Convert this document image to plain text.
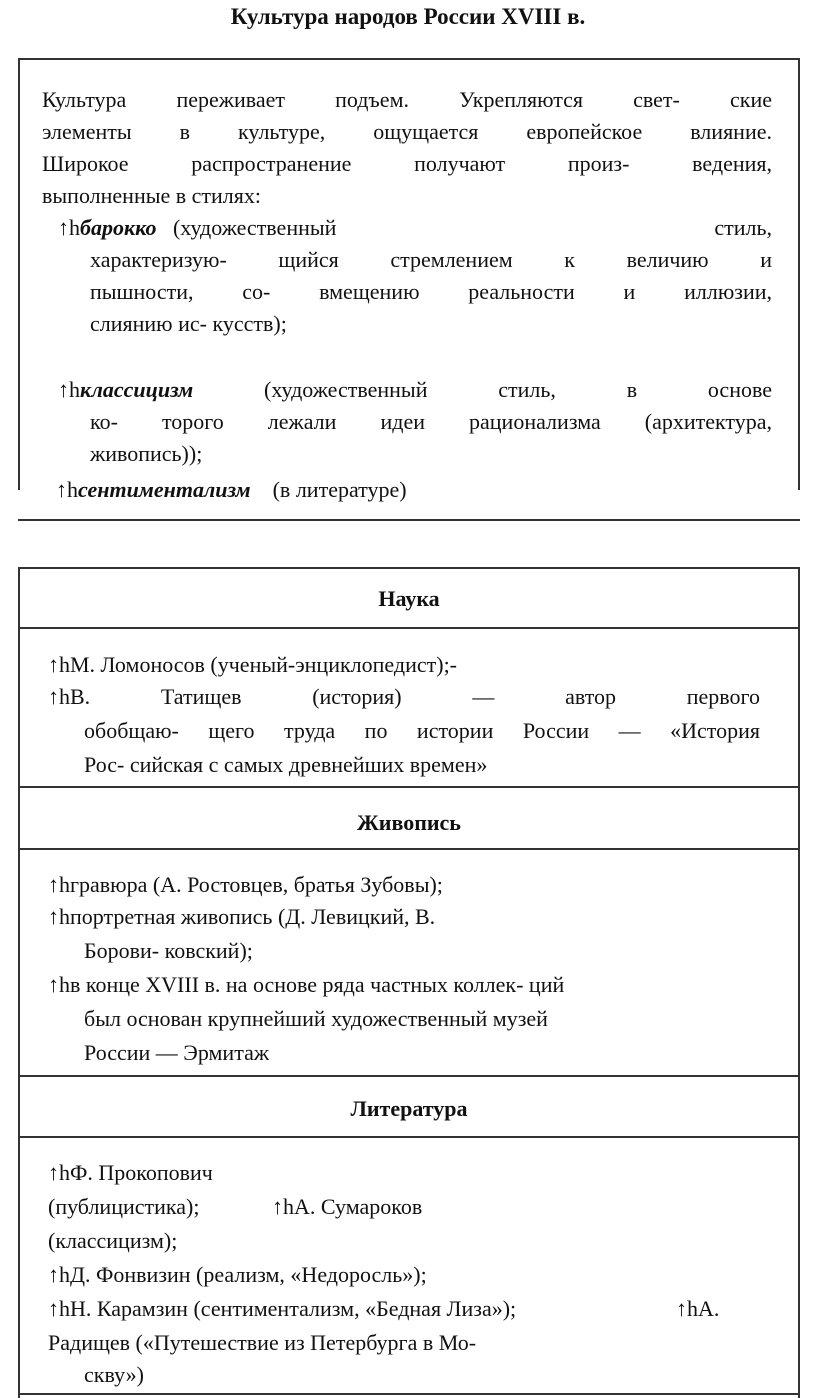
Культура народов России XVIII в.
Культура переживает подъем. Укрепляются свет- ские
элементы в культуре, ощущается европейское влияние.
Широкое распространение получают произ- ведения,
выполненные в стилях:
↑hбарокко (художественный	стиль,
характеризую- щийся стремлением к величию и
пышности, со- вмещению реальности и иллюзии,
слиянию ис- кусств);
↑hклассицизм	(художественный стиль, в основе
ко- торого лежали идеи рационализма (архитектура,
живопись));
↑hсентиментализм (в литературе)
Наука
↑hМ. Ломоносов (ученый-энциклопедист);-
↑hВ. Татищев (история) — автор первого
обобщаю- щего труда по истории России — «История
Рос- сийская с самых древнейших времен»
Живопись
↑hгравюра (А. Ростовцев, братья Зубовы);
↑hпортретная живопись (Д. Левицкий, В.
Борови- ковский);
↑hв конце XVIII в. на основе ряда частных коллек- ций
был основан крупнейший художественный музей
России — Эрмитаж
Литература
↑hФ. Прокопович
(публицистика);	↑hА. Сумароков
(классицизм);
↑hД. Фонвизин (реализм, «Недоросль»);
↑hН. Карамзин (сентиментализм, «Бедная Лиза»);	↑hА.
Радищев («Путешествие из Петербурга в Мо-
скву»)
